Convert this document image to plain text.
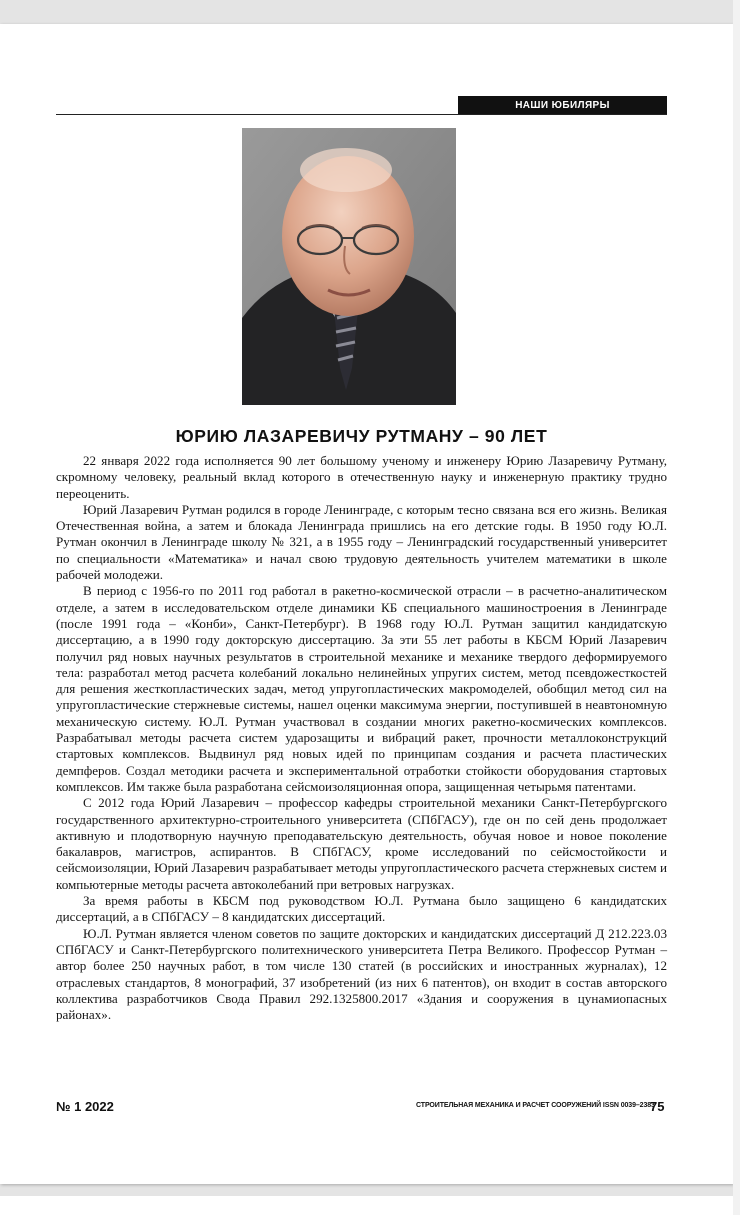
НАШИ ЮБИЛЯРЫ
ЮРИЮ ЛАЗАРЕВИЧУ РУТМАНУ – 90 ЛЕТ

22 января 2022 года исполняется 90 лет большому ученому и инженеру Юрию Лазаревичу Рутману, скромному человеку, реальный вклад которого в отечественную науку и инженерную практику трудно переоценить.

Юрий Лазаревич Рутман родился в городе Ленинграде, с которым тесно связана вся его жизнь. Великая Отечественная война, а затем и блокада Ленинграда пришлись на его детские годы. В 1950 году Ю.Л. Рутман окончил в Ленинграде школу № 321, а в 1955 году – Ленинградский государственный университет по специальности «Математика» и начал свою трудовую деятельность учителем математики в школе рабочей молодежи.

В период с 1956-го по 2011 год работал в ракетно-космической отрасли – в расчетно-аналитическом отделе, а затем в исследовательском отделе динамики КБ специального машиностроения в Ленинграде (после 1991 года – «Конби», Санкт-Петербург). В 1968 году Ю.Л. Рутман защитил кандидатскую диссертацию, а в 1990 году докторскую диссертацию. За эти 55 лет работы в КБСМ Юрий Лазаревич получил ряд новых научных результатов в строительной механике и механике твердого деформируемого тела: разработал метод расчета колебаний локально нелинейных упругих систем, метод псевдожесткостей для решения жесткопластических задач, метод упругопластических макромоделей, обобщил метод сил на упругопластические стержневые системы, нашел оценки максимума энергии, поступившей в неавтономную механическую систему. Ю.Л. Рутман участвовал в создании многих ракетно-космических комплексов. Разрабатывал методы расчета систем ударозащиты и вибраций ракет, прочности металлоконструкций стартовых комплексов. Выдвинул ряд новых идей по принципам создания и расчета пластических демпферов. Создал методики расчета и экспериментальной отработки стойкости оборудования стартовых комплексов. Им также была разработана сейсмоизоляционная опора, защищенная четырьмя патентами.

С 2012 года Юрий Лазаревич – профессор кафедры строительной механики Санкт-Петербургского государственного архитектурно-строительного университета (СПбГАСУ), где он по сей день продолжает активную и плодотворную научную преподавательскую деятельность, обучая новое и новое поколение бакалавров, магистров, аспирантов. В СПбГАСУ, кроме исследований по сейсмостойкости и сейсмоизоляции, Юрий Лазаревич разрабатывает методы упругопластического расчета стержневых систем и компьютерные методы расчета автоколебаний при ветровых нагрузках.

За время работы в КБСМ под руководством Ю.Л. Рутмана было защищено 6 кандидатских диссертаций, а в СПбГАСУ – 8 кандидатских диссертаций.

Ю.Л. Рутман является членом советов по защите докторских и кандидатских диссертаций Д 212.223.03 СПбГАСУ и Санкт-Петербургского политехнического университета Петра Великого. Профессор Рутман – автор более 250 научных работ, в том числе 130 статей (в российских и иностранных журналах), 12 отраслевых стандартов, 8 монографий, 37 изобретений (из них 6 патентов), он входит в состав авторского коллектива разработчиков Свода Правил 292.1325800.2017 «Здания и сооружения в цунамиопасных районах».

№ 1 2022	СТРОИТЕЛЬНАЯ МЕХАНИКА И РАСЧЕТ СООРУЖЕНИЙ ISSN 0039–2383
75
